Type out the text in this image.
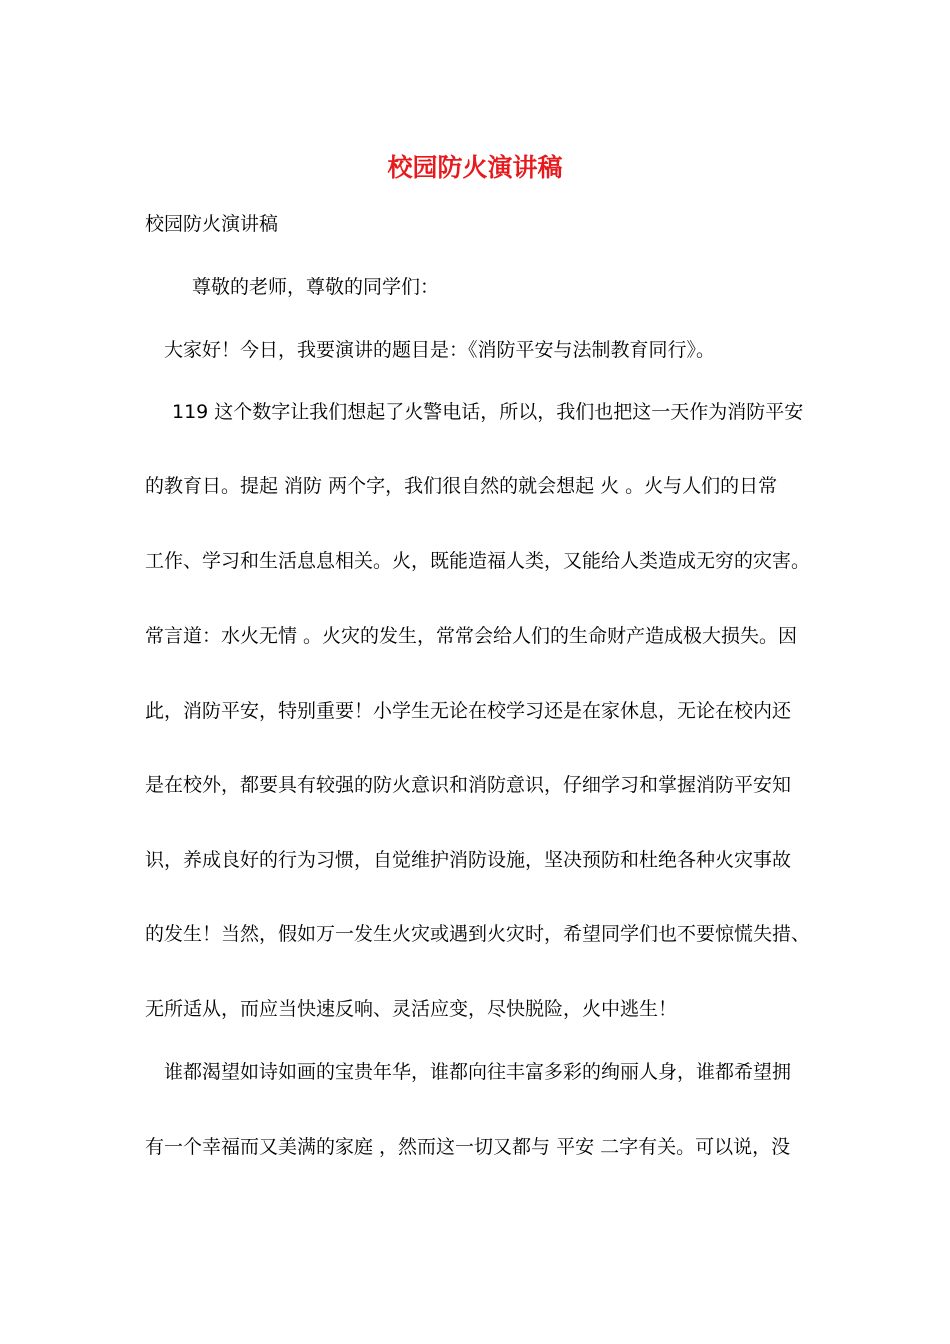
校园防火演讲稿
校园防火演讲稿
尊敬的老师，尊敬的同学们：
大家好！今日，我要演讲的题目是：《消防平安与法制教育同行》。
119 这个数字让我们想起了火警电话，所以，我们也把这一天作为消防平安
的教育日。提起 消防 两个字，我们很自然的就会想起 火 。火与人们的日常
工作、学习和生活息息相关。火，既能造福人类，又能给人类造成无穷的灾害。
常言道：水火无情 。火灾的发生，常常会给人们的生命财产造成极大损失。因
此，消防平安，特别重要！小学生无论在校学习还是在家休息，无论在校内还
是在校外，都要具有较强的防火意识和消防意识，仔细学习和掌握消防平安知
识，养成良好的行为习惯，自觉维护消防设施，坚决预防和杜绝各种火灾事故
的发生！当然，假如万一发生火灾或遇到火灾时，希望同学们也不要惊慌失措、
无所适从，而应当快速反响、灵活应变，尽快脱险，火中逃生！
谁都渴望如诗如画的宝贵年华，谁都向往丰富多彩的绚丽人身，谁都希望拥
有一个幸福而又美满的家庭 ，然而这一切又都与 平安 二字有关。可以说，没
